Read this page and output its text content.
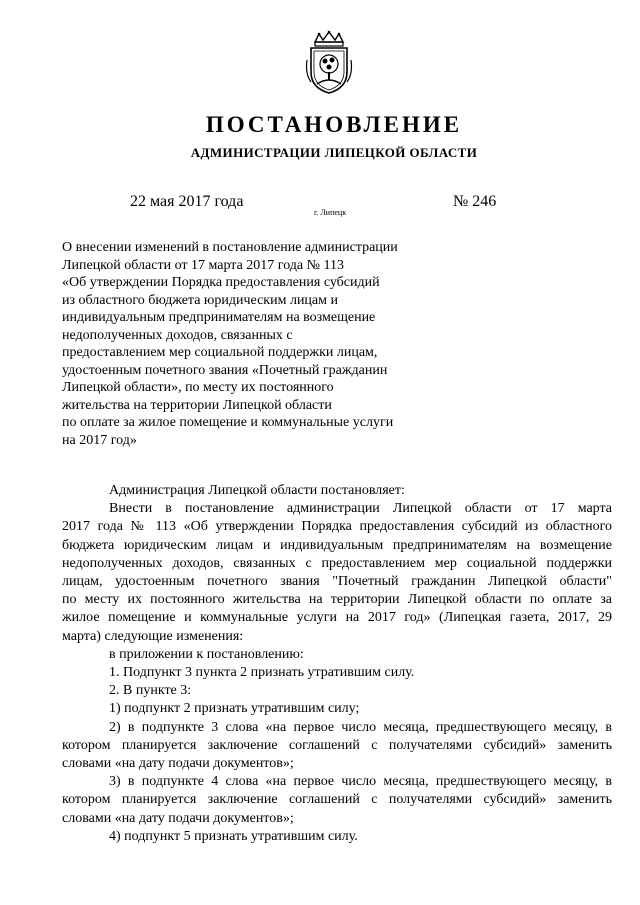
ПОСТАНОВЛЕНИЕ
АДМИНИСТРАЦИИ ЛИПЕЦКОЙ ОБЛАСТИ
22 мая 2017 года
г. Липецк
№ 246
О внесении изменений в постановление администрации
Липецкой области от 17 марта 2017 года № 113
«Об утверждении Порядка предоставления субсидий
из областного бюджета юридическим лицам и
индивидуальным предпринимателям на возмещение
недополученных доходов, связанных с
предоставлением мер социальной поддержки лицам,
удостоенным почетного звания «Почетный гражданин
Липецкой области», по месту их постоянного
жительства на территории Липецкой области
по оплате за жилое помещение и коммунальные услуги
на 2017 год»
Администрация Липецкой области постановляет:
Внести в постановление администрации Липецкой области от 17 марта
2017 года № 113 «Об утверждении Порядка предоставления субсидий из областного
бюджета юридическим лицам и индивидуальным предпринимателям на возмещение
недополученных доходов, связанных с предоставлением мер социальной поддержки
лицам, удостоенным почетного звания "Почетный гражданин Липецкой области"
по месту их постоянного жительства на территории Липецкой области по оплате за
жилое помещение и коммунальные услуги на 2017 год» (Липецкая газета, 2017, 29
марта) следующие изменения:
в приложении к постановлению:
1. Подпункт 3 пункта 2 признать утратившим силу.
2. В пункте 3:
1) подпункт 2 признать утратившим силу;
2) в подпункте 3 слова «на первое число месяца, предшествующего месяцу, в
котором планируется заключение соглашений с получателями субсидий» заменить
словами «на дату подачи документов»;
3) в подпункте 4 слова «на первое число месяца, предшествующего месяцу, в
котором планируется заключение соглашений с получателями субсидий» заменить
словами «на дату подачи документов»;
4) подпункт 5 признать утратившим силу.
